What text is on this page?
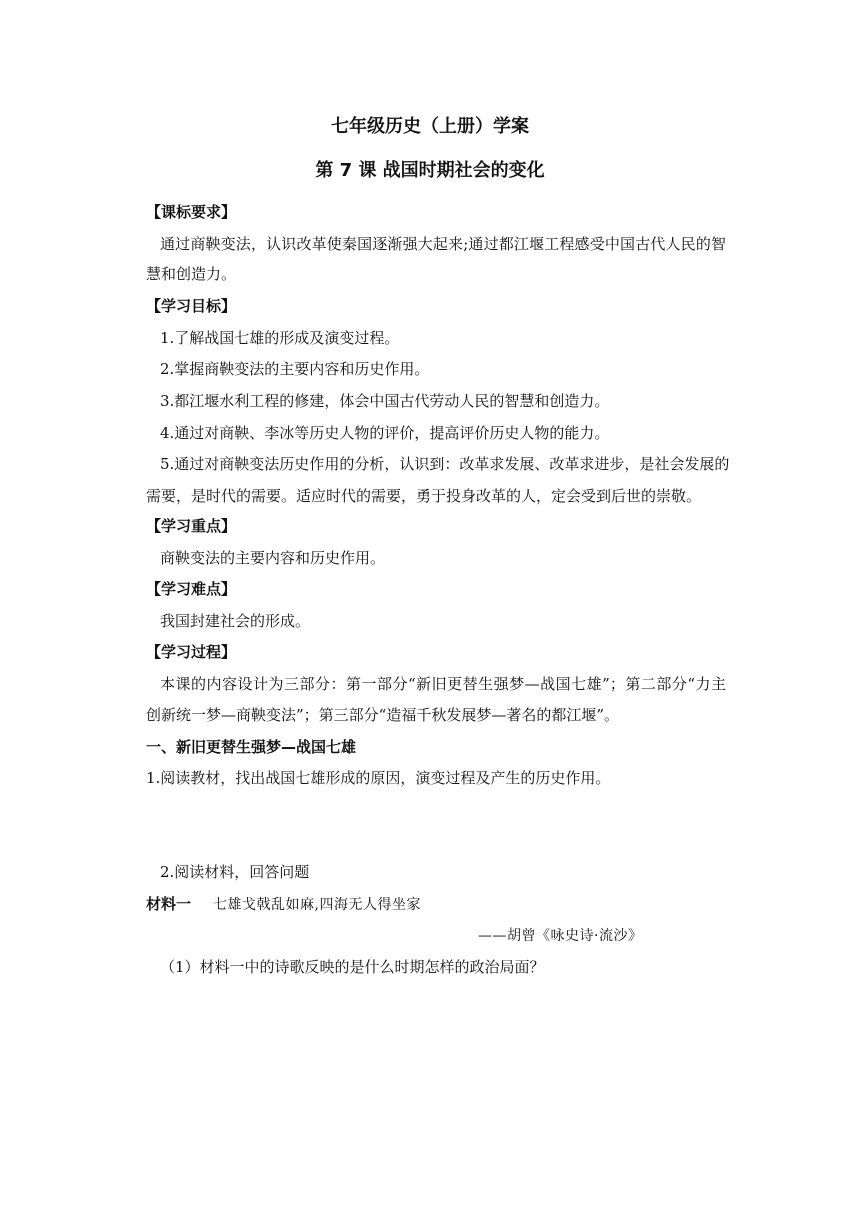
七年级历史（上册）学案
第 7 课 战国时期社会的变化
【课标要求】
通过商鞅变法，认识改革使秦国逐渐强大起来;通过都江堰工程感受中国古代人民的智
慧和创造力。
【学习目标】
1.了解战国七雄的形成及演变过程。
2.掌握商鞅变法的主要内容和历史作用。
3.都江堰水利工程的修建，体会中国古代劳动人民的智慧和创造力。
4.通过对商鞅、李冰等历史人物的评价，提高评价历史人物的能力。
5.通过对商鞅变法历史作用的分析，认识到：改革求发展、改革求进步，是社会发展的
需要，是时代的需要。适应时代的需要，勇于投身改革的人，定会受到后世的崇敬。
【学习重点】
商鞅变法的主要内容和历史作用。
【学习难点】
我国封建社会的形成。
【学习过程】
本课的内容设计为三部分：第一部分“新旧更替生强梦—战国七雄”；第二部分“力主
创新统一梦—商鞅变法”；第三部分“造福千秋发展梦—著名的都江堰”。
一、新旧更替生强梦—战国七雄
1.阅读教材，找出战国七雄形成的原因，演变过程及产生的历史作用。
2.阅读材料，回答问题
材料一 七雄戈戟乱如麻,四海无人得坐家
——胡曾《咏史诗·流沙》
（1）材料一中的诗歌反映的是什么时期怎样的政治局面？
